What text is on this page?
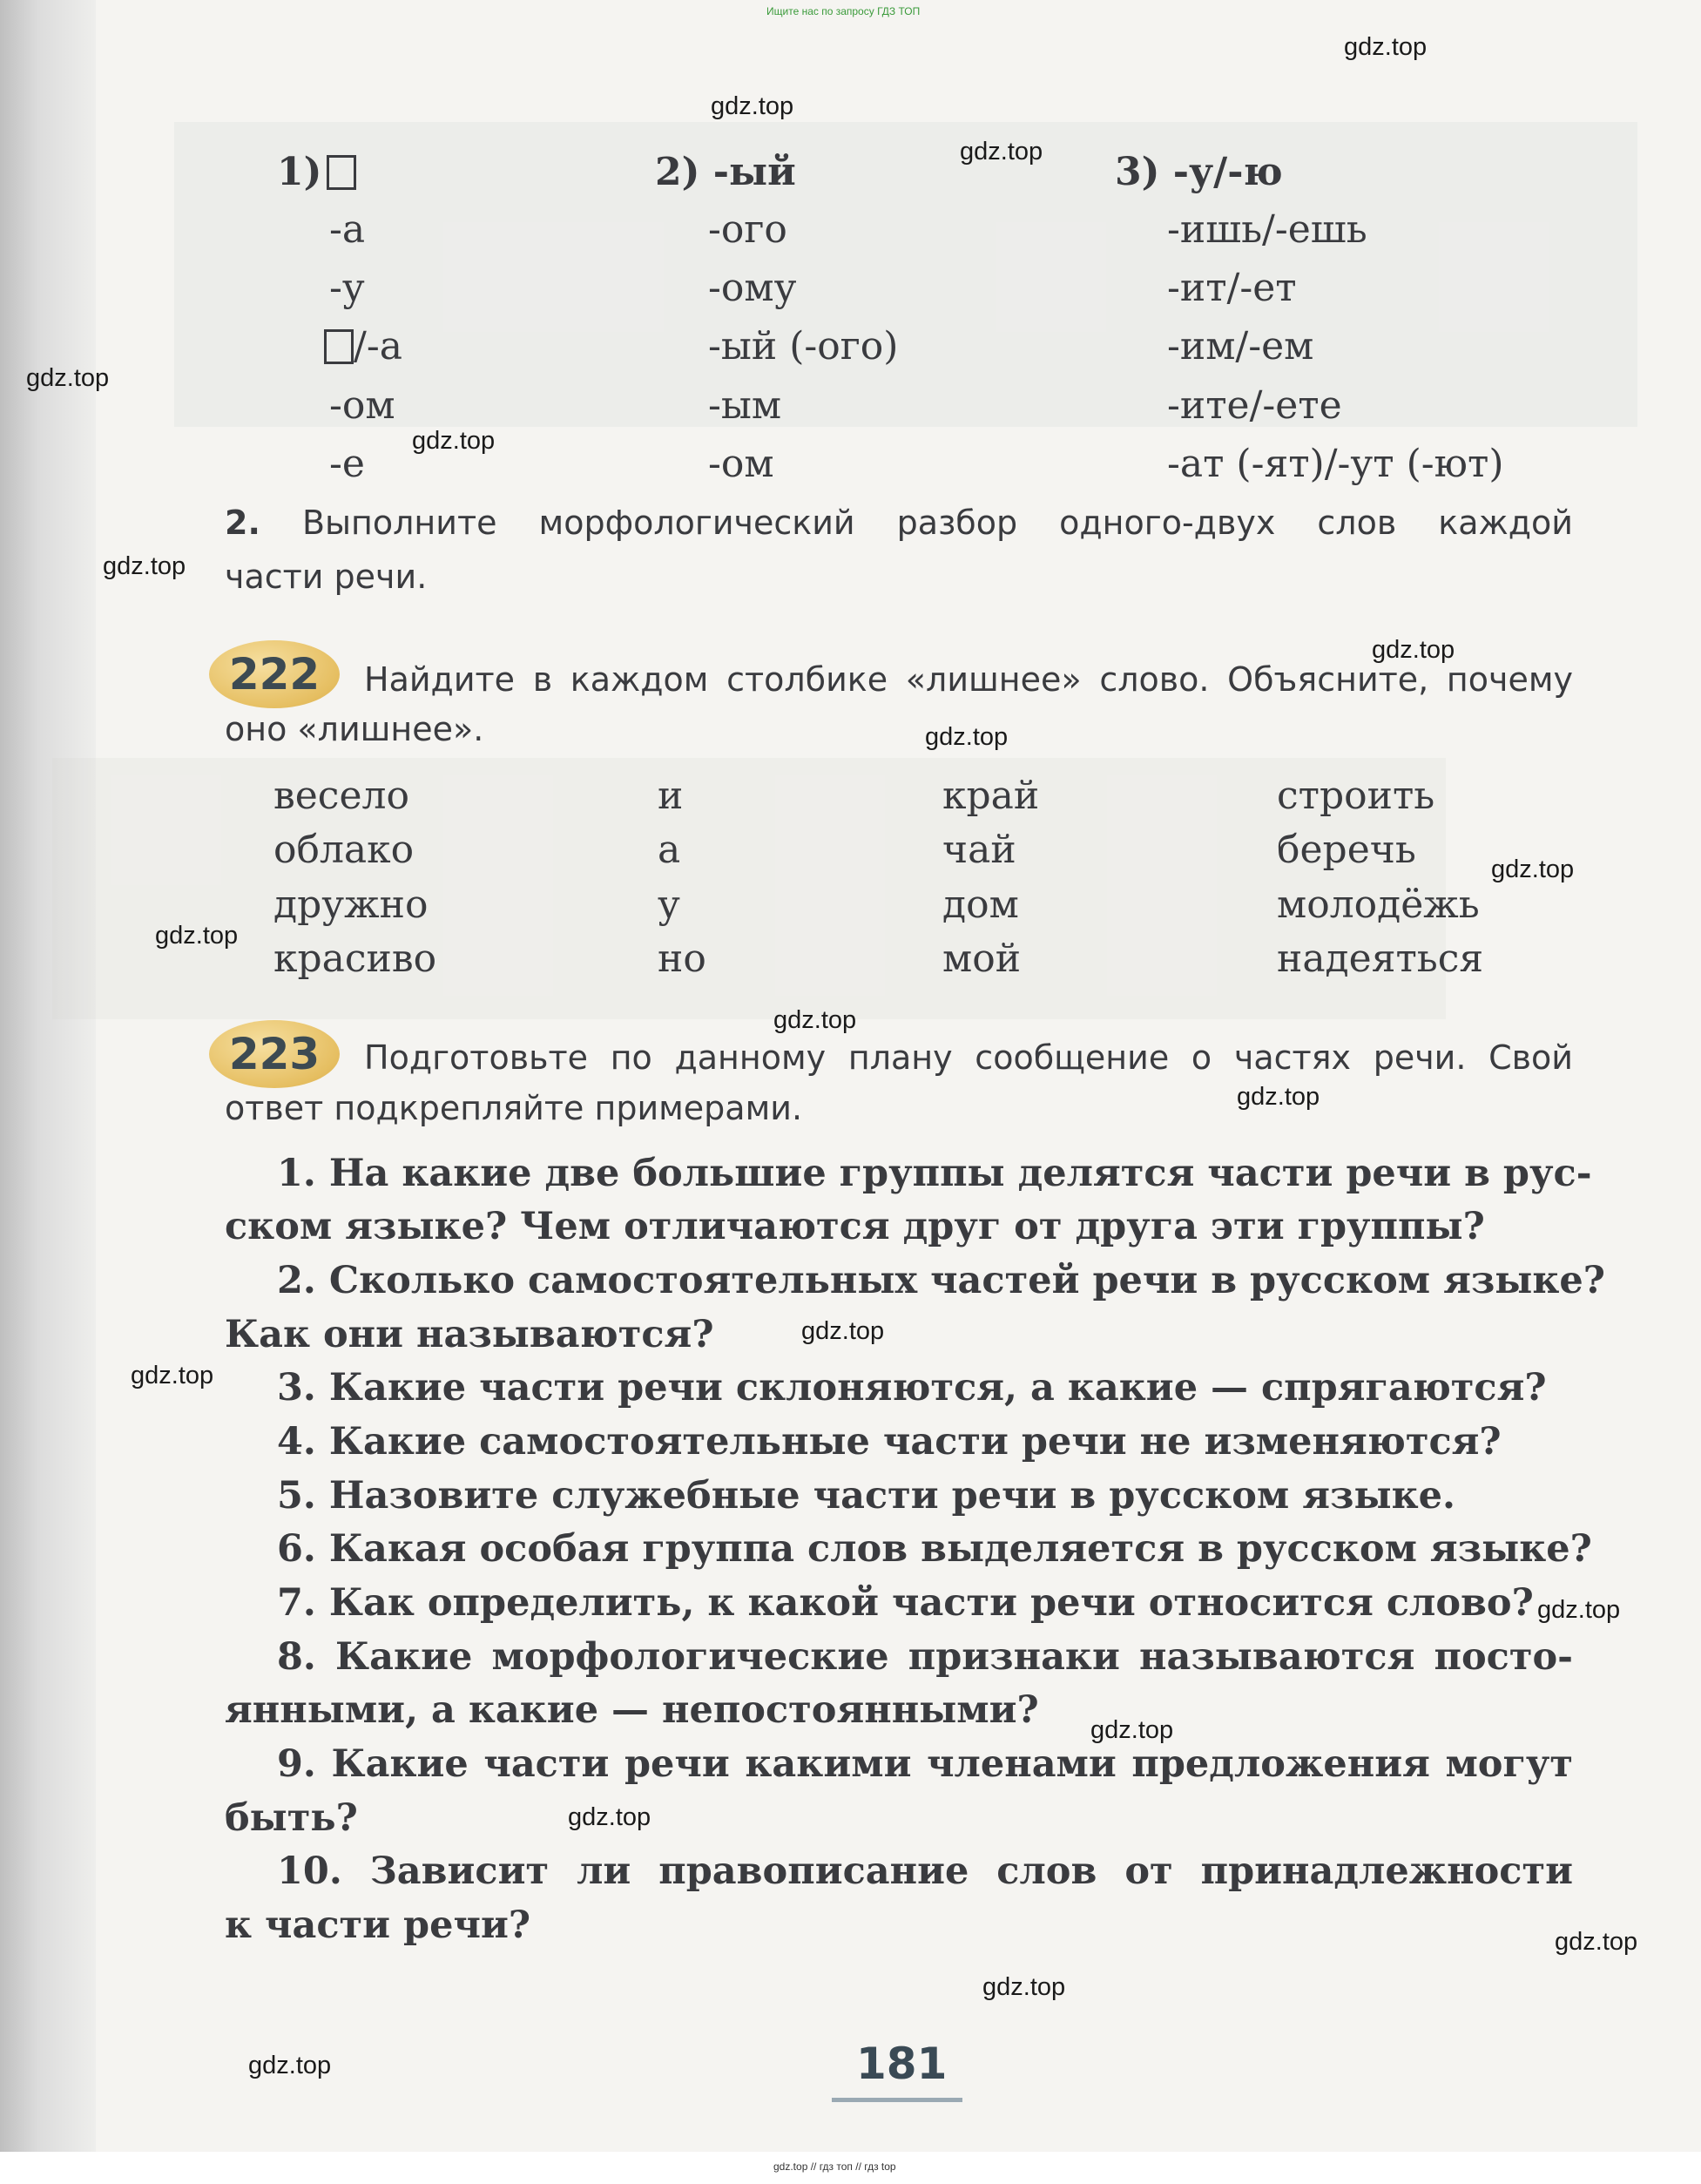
Ищите нас по запросу ГДЗ ТОП
1)
-а
-у
/-а
-ом
-е
2) -ый
-ого
-ому
-ый (-ого)
-ым
-ом
3) -у/-ю
-ишь/-ешь
-ит/-ет
-им/-ем
-ите/-ете
-ат (-ят)/-ут (-ют)
2. Выполните морфологический разбор одного-двух слов каждой
части речи.
222	Найдите в каждом столбике «лишнее» слово. Объясните, почему
оно «лишнее».
весело
облако
дружно
красиво
и
а
у
но
край
чай
дом
мой
строить
беречь
молодёжь
надеяться
223	Подготовьте по данному плану сообщение о частях речи. Свой
ответ подкрепляйте примерами.
1. На какие две большие группы делятся части речи в рус-
ском языке? Чем отличаются друг от друга эти группы?
2. Сколько самостоятельных частей речи в русском языке?
Как они называются?
3. Какие части речи склоняются, а какие — спрягаются?
4. Какие самостоятельные части речи не изменяются?
5. Назовите служебные части речи в русском языке.
6. Какая особая группа слов выделяется в русском языке?
7. Как определить, к какой части речи относится слово?
8. Какие морфологические признаки называются посто-
янными, а какие — непостоянными?
9. Какие части речи какими членами предложения могут
быть?
10. Зависит ли правописание слов от принадлежности
к части речи?
181
gdz.top
gdz.top
gdz.top
gdz.top
gdz.top
gdz.top
gdz.top
gdz.top
gdz.top
gdz.top
gdz.top
gdz.top
gdz.top
gdz.top
gdz.top
gdz.top
gdz.top
gdz.top
gdz.top
gdz.top
gdz.top // гдз топ // гдз top
